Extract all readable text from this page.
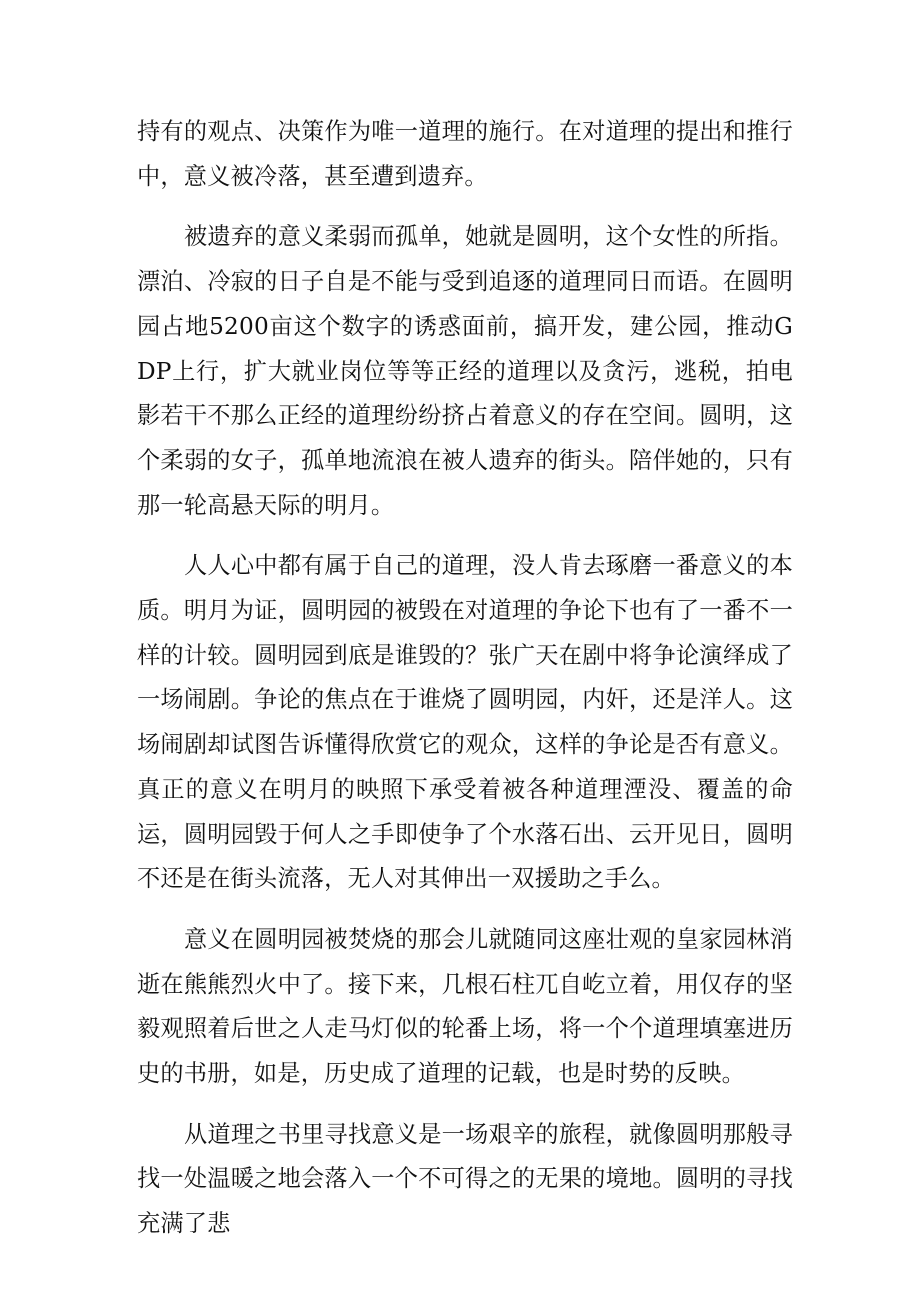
持有的观点、决策作为唯一道理的施行。在对道理的提出和推行中，意义被冷落，甚至遭到遗弃。

被遗弃的意义柔弱而孤单，她就是圆明，这个女性的所指。漂泊、冷寂的日子自是不能与受到追逐的道理同日而语。在圆明园占地5200亩这个数字的诱惑面前，搞开发，建公园，推动GDP上行，扩大就业岗位等等正经的道理以及贪污，逃税，拍电影若干不那么正经的道理纷纷挤占着意义的存在空间。圆明，这个柔弱的女子，孤单地流浪在被人遗弃的街头。陪伴她的，只有那一轮高悬天际的明月。

人人心中都有属于自己的道理，没人肯去琢磨一番意义的本质。明月为证，圆明园的被毁在对道理的争论下也有了一番不一样的计较。圆明园到底是谁毁的？张广天在剧中将争论演绎成了一场闹剧。争论的焦点在于谁烧了圆明园，内奸，还是洋人。这场闹剧却试图告诉懂得欣赏它的观众，这样的争论是否有意义。真正的意义在明月的映照下承受着被各种道理湮没、覆盖的命运，圆明园毁于何人之手即使争了个水落石出、云开见日，圆明不还是在街头流落，无人对其伸出一双援助之手么。

意义在圆明园被焚烧的那会儿就随同这座壮观的皇家园林消逝在熊熊烈火中了。接下来，几根石柱兀自屹立着，用仅存的坚毅观照着后世之人走马灯似的轮番上场，将一个个道理填塞进历史的书册，如是，历史成了道理的记载，也是时势的反映。

从道理之书里寻找意义是一场艰辛的旅程，就像圆明那般寻找一处温暖之地会落入一个不可得之的无果的境地。圆明的寻找充满了悲
